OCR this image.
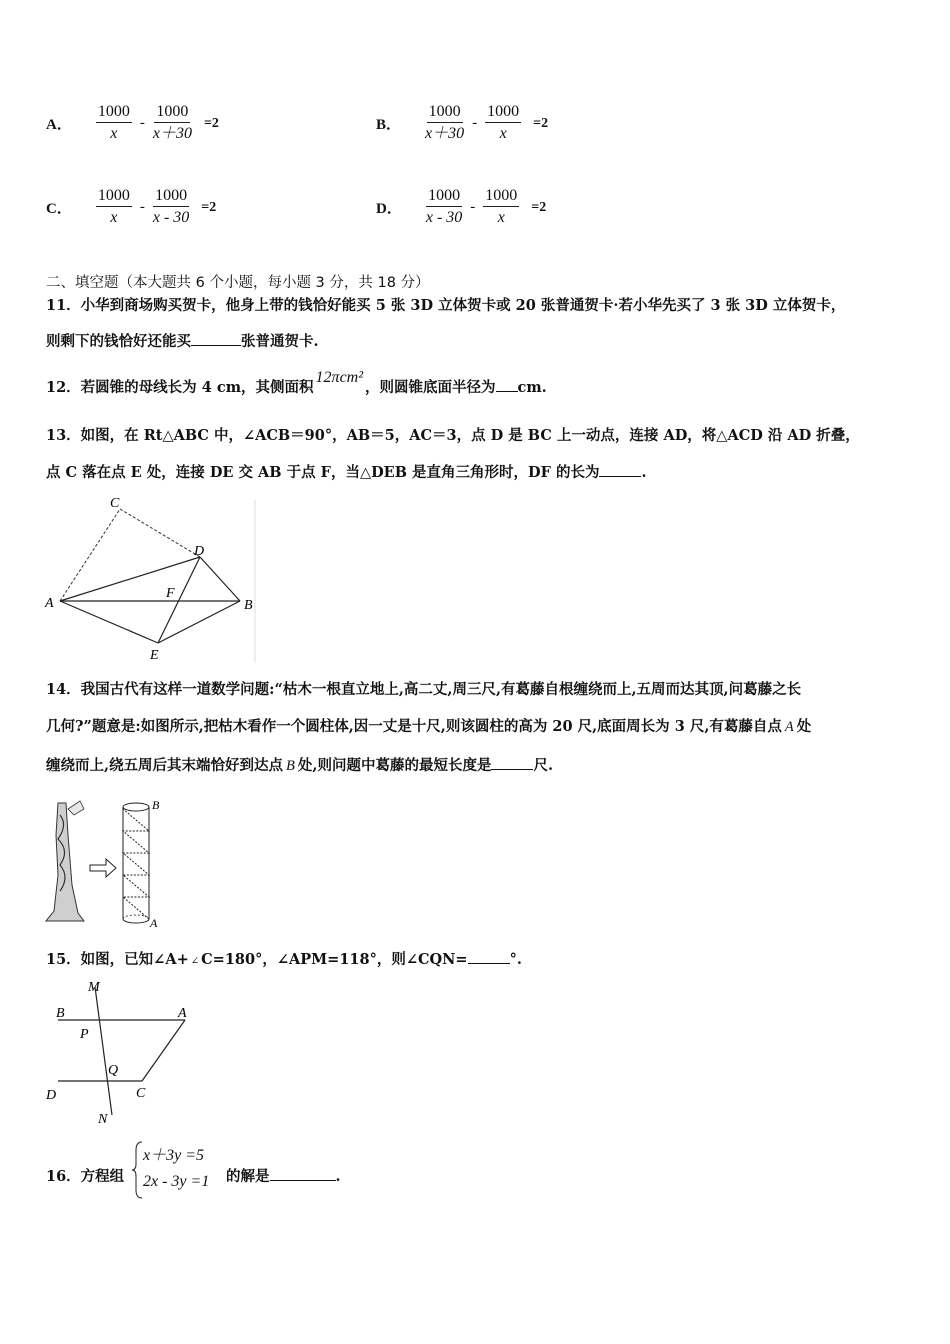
A． $\frac{1000}{x} - \frac{1000}{x+30} =2$	B． $\frac{1000}{x+30} - \frac{1000}{x} =2$
C． $\frac{1000}{x} - \frac{1000}{x - 30} =2$	D． $\frac{1000}{x - 30} - \frac{1000}{x} =2$
二、填空题（本大题共 6 个小题，每小题 3 分，共 18 分）
11．小华到商场购买贺卡，他身上带的钱恰好能买 5 张 3D 立体贺卡或 20 张普通贺卡·若小华先买了 3 张 3D 立体贺卡，
则剩下的钱恰好还能买	张普通贺卡.
12．若圆锥的母线长为 4 cm，其侧面积12πcm²，则圆锥底面半径为 cm.
13．如图，在 Rt△ABC 中，∠ACB＝90°，AB＝5，AC＝3，点 D 是 BC 上一动点，连接 AD，将△ACD 沿 AD 折叠，
点 C 落在点 E 处，连接 DE 交 AB 于点 F，当△DEB 是直角三角形时，DF 的长为	.
C
D
A
F
B
E
14．我国古代有这样一道数学问题:“枯木一根直立地上,高二丈,周三尺,有葛藤自根缠绕而上,五周而达其顶,问葛藤之长
几何?”题意是:如图所示,把枯木看作一个圆柱体,因一丈是十尺,则该圆柱的高为 20 尺,底面周长为 3 尺,有葛藤自点 A 处
缠绕而上,绕五周后其末端恰好到达点 B 处,则问题中葛藤的最短长度是	尺.
B
A
15．如图，已知∠A+ ∠ C=180°，∠APM=118°，则∠CQN=	°.
M
B	A
P
Q
D	C
N
16．方程组
x＋3y =5
2x - 3y =1 的解是	.
